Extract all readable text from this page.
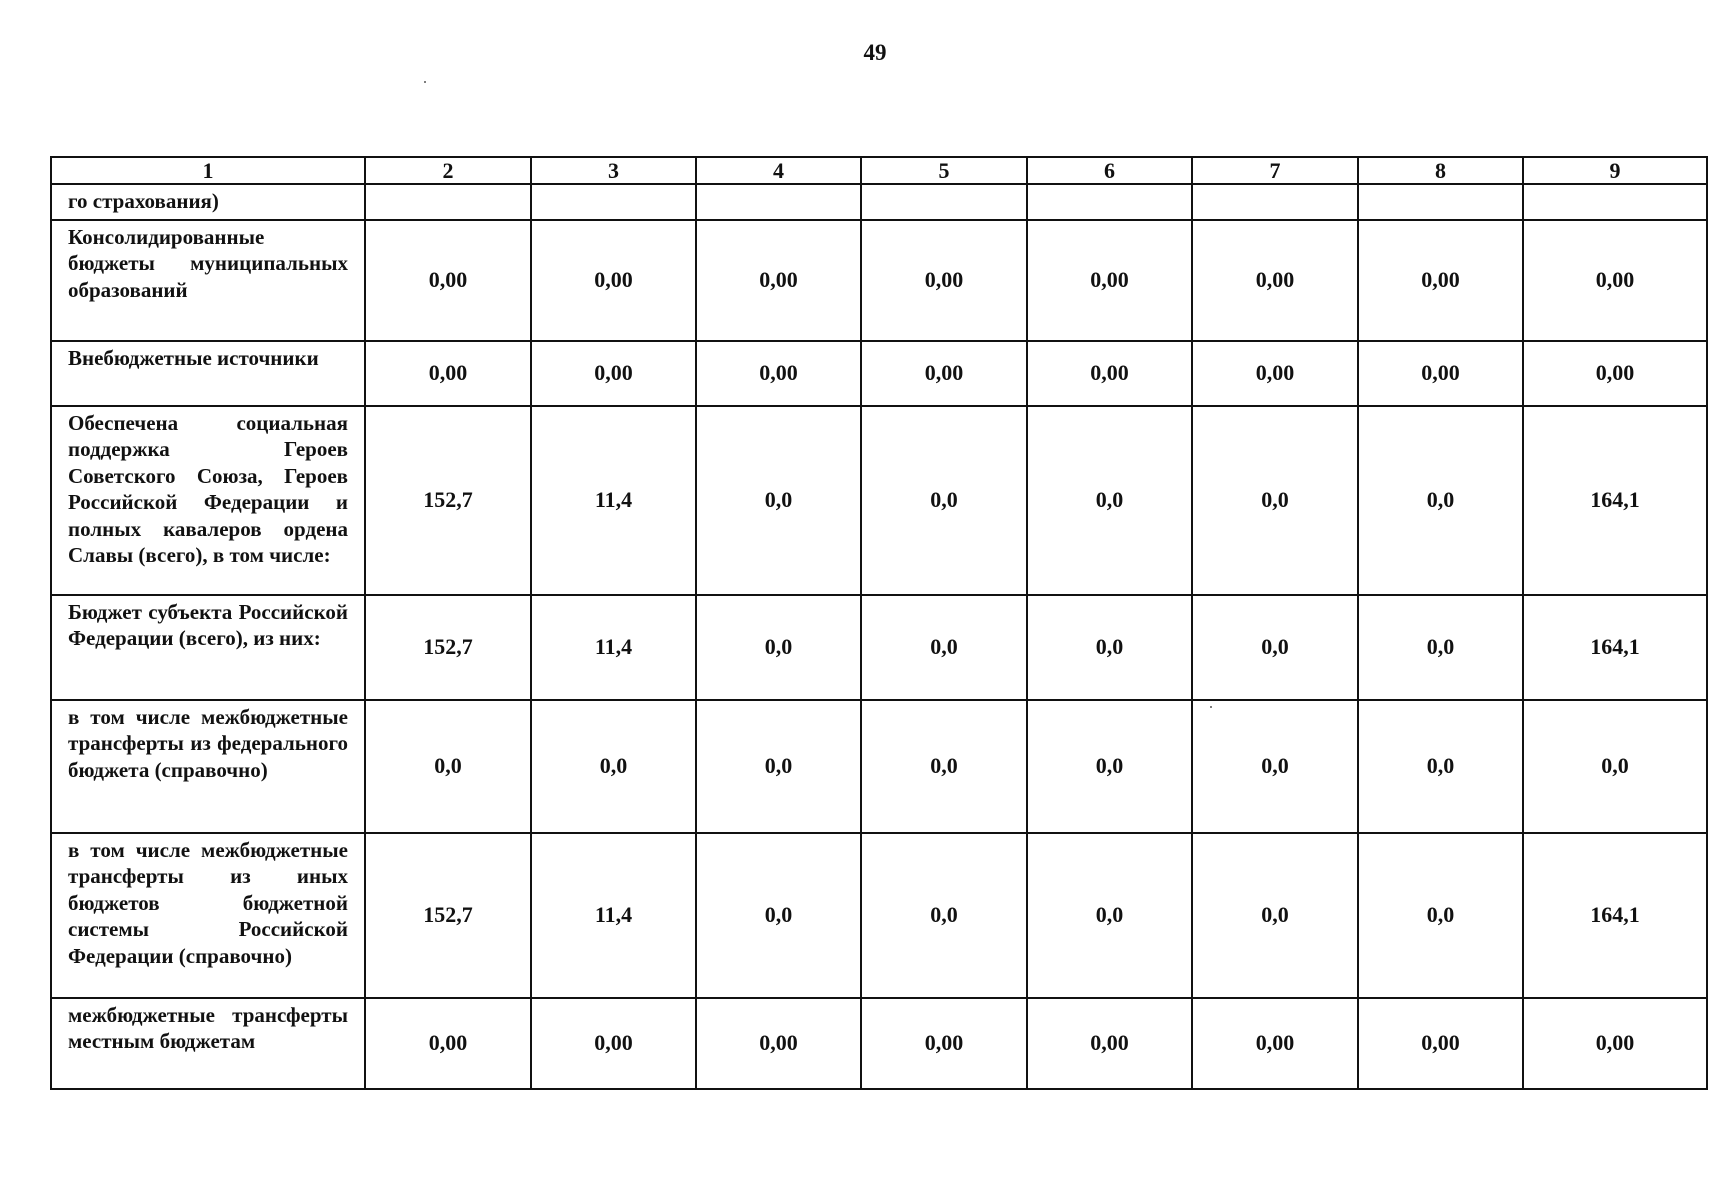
49
1	2	3	4	5	6	7	8	9
го страхования)								
Консолидированные бюджеты муниципальных образований	0,00	0,00	0,00	0,00	0,00	0,00	0,00	0,00
Внебюджетные источники	0,00	0,00	0,00	0,00	0,00	0,00	0,00	0,00
Обеспечена социальная поддержка Героев Советского Союза, Героев Российской Федерации и полных кавалеров ордена Славы (всего), в том числе:	152,7	11,4	0,0	0,0	0,0	0,0	0,0	164,1
Бюджет субъекта Российской Федерации (всего), из них:	152,7	11,4	0,0	0,0	0,0	0,0	0,0	164,1
в том числе межбюджетные трансферты из федерального бюджета (справочно)	0,0	0,0	0,0	0,0	0,0	0,0	0,0	0,0
в том числе межбюджетные трансферты из иных бюджетов бюджетной системы Российской Федерации (справочно)	152,7	11,4	0,0	0,0	0,0	0,0	0,0	164,1
межбюджетные трансферты местным бюджетам	0,00	0,00	0,00	0,00	0,00	0,00	0,00	0,00
